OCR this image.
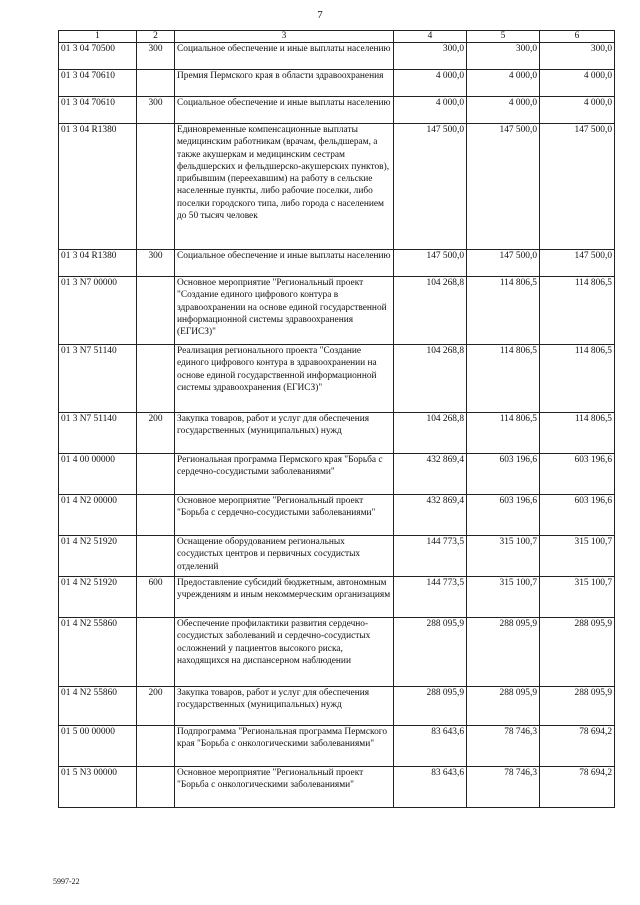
7
1	2	3	4	5	6
01 3 04 70500	300	Социальное обеспечение и иные выплаты населению	300,0	300,0	300,0
01 3 04 70610		Премия Пермского края в области здравоохранения	4 000,0	4 000,0	4 000,0
01 3 04 70610	300	Социальное обеспечение и иные выплаты населению	4 000,0	4 000,0	4 000,0
01 3 04 R1380		Единовременные компенсационные выплаты медицинским работникам (врачам, фельдшерам, а также акушеркам и медицинским сестрам фельдшерских и фельдшерско-акушерских пунктов), прибывшим (переехавшим) на работу в сельские населенные пункты, либо рабочие поселки, либо поселки городского типа, либо города с населением до 50 тысяч человек	147 500,0	147 500,0	147 500,0
01 3 04 R1380	300	Социальное обеспечение и иные выплаты населению	147 500,0	147 500,0	147 500,0
01 3 N7 00000		Основное мероприятие "Региональный проект "Создание единого цифрового контура в здравоохранении на основе единой государственной информационной системы здравоохранения (ЕГИСЗ)"	104 268,8	114 806,5	114 806,5
01 3 N7 51140		Реализация регионального проекта "Создание единого цифрового контура в здравоохранении на основе единой государственной информационной системы здравоохранения (ЕГИСЗ)"	104 268,8	114 806,5	114 806,5
01 3 N7 51140	200	Закупка товаров, работ и услуг для обеспечения государственных (муниципальных) нужд	104 268,8	114 806,5	114 806,5
01 4 00 00000		Региональная программа Пермского края "Борьба с сердечно-сосудистыми заболеваниями"	432 869,4	603 196,6	603 196,6
01 4 N2 00000		Основное мероприятие "Региональный проект "Борьба с сердечно-сосудистыми заболеваниями"	432 869,4	603 196,6	603 196,6
01 4 N2 51920		Оснащение оборудованием региональных сосудистых центров и первичных сосудистых отделений	144 773,5	315 100,7	315 100,7
01 4 N2 51920	600	Предоставление субсидий бюджетным, автономным учреждениям и иным некоммерческим организациям	144 773,5	315 100,7	315 100,7
01 4 N2 55860		Обеспечение профилактики развития сердечно-сосудистых заболеваний и сердечно-сосудистых осложнений у пациентов высокого риска, находящихся на диспансерном наблюдении	288 095,9	288 095,9	288 095,9
01 4 N2 55860	200	Закупка товаров, работ и услуг для обеспечения государственных (муниципальных) нужд	288 095,9	288 095,9	288 095,9
01 5 00 00000		Подпрограмма "Региональная программа Пермского края "Борьба с онкологическими заболеваниями"	83 643,6	78 746,3	78 694,2
01 5 N3 00000		Основное мероприятие "Региональный проект "Борьба с онкологическими заболеваниями"	83 643,6	78 746,3	78 694,2
5997-22
